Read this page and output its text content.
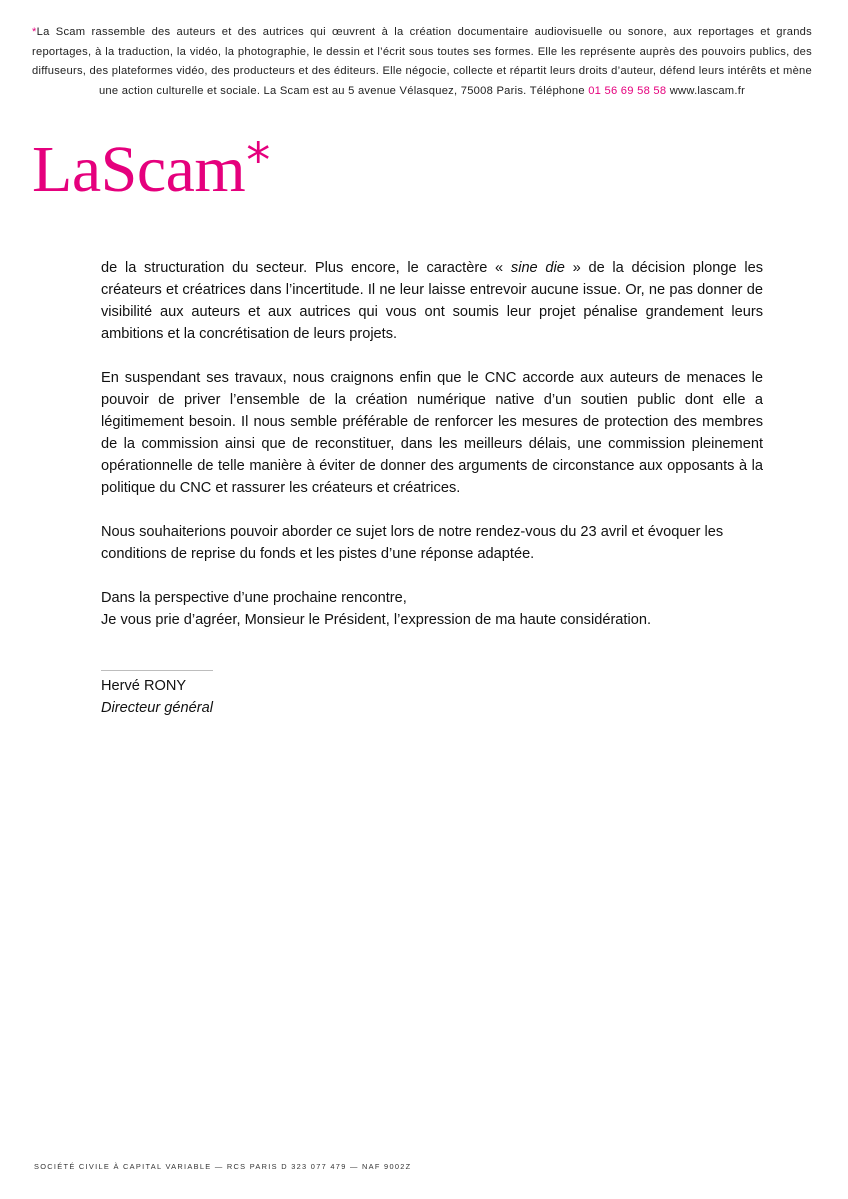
*La Scam rassemble des auteurs et des autrices qui œuvrent à la création documentaire audiovisuelle ou sonore, aux reportages et grands reportages, à la traduction, la vidéo, la photographie, le dessin et l’écrit sous toutes ses formes. Elle les représente auprès des pouvoirs publics, des diffuseurs, des plateformes vidéo, des producteurs et des éditeurs. Elle négocie, collecte et répartit leurs droits d’auteur, défend leurs intérêts et mène une action culturelle et sociale. La Scam est au 5 avenue Vélasquez, 75008 Paris. Téléphone 01 56 69 58 58 www.lascam.fr
LaScam*

de la structuration du secteur. Plus encore, le caractère « sine die » de la décision plonge les créateurs et créatrices dans l’incertitude. Il ne leur laisse entrevoir aucune issue. Or, ne pas donner de visibilité aux auteurs et aux autrices qui vous ont soumis leur projet pénalise grandement leurs ambitions et la concrétisation de leurs projets.

En suspendant ses travaux, nous craignons enfin que le CNC accorde aux auteurs de menaces le pouvoir de priver l’ensemble de la création numérique native d’un soutien public dont elle a légitimement besoin. Il nous semble préférable de renforcer les mesures de protection des membres de la commission ainsi que de reconstituer, dans les meilleurs délais, une commission pleinement opérationnelle de telle manière à éviter de donner des arguments de circonstance aux opposants à la politique du CNC et rassurer les créateurs et créatrices.

Nous souhaiterions pouvoir aborder ce sujet lors de notre rendez-vous du 23 avril et évoquer les conditions de reprise du fonds et les pistes d’une réponse adaptée.

Dans la perspective d’une prochaine rencontre,
Je vous prie d’agréer, Monsieur le Président, l’expression de ma haute considération.

Hervé RONY
Directeur général
SOCIÉTÉ CIVILE À CAPITAL VARIABLE — RCS PARIS D 323 077 479 — NAF 9002Z
